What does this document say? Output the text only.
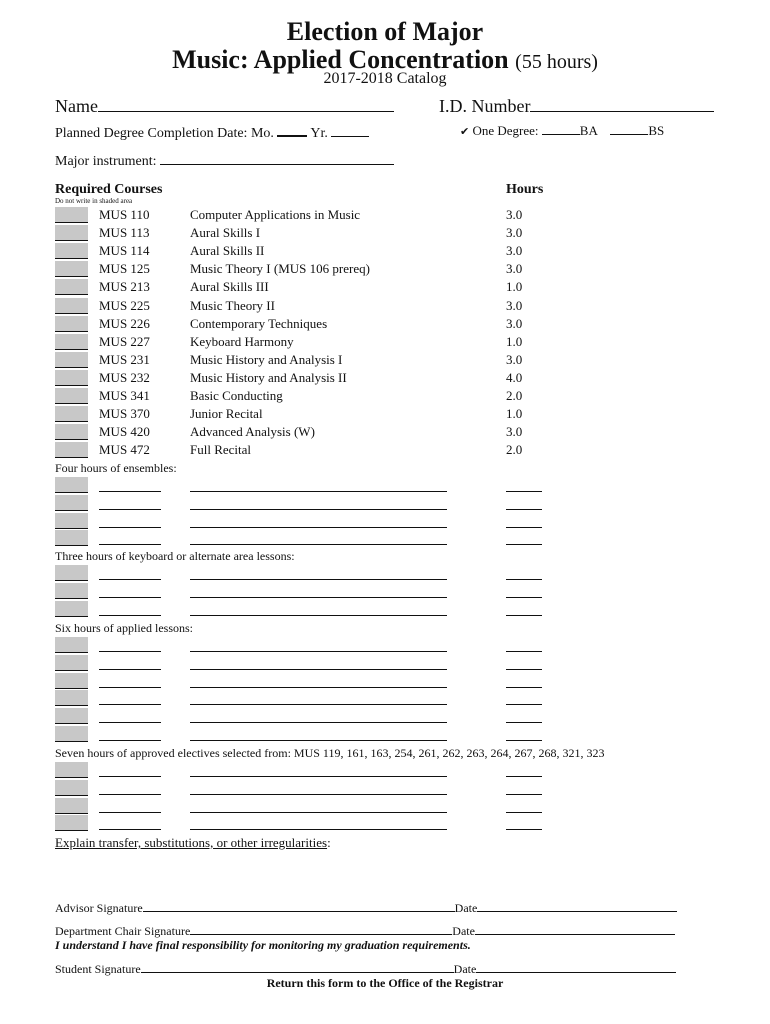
Election of Major
Music: Applied Concentration (55 hours)
2017-2018 Catalog
Name	I.D. Number
Planned Degree Completion Date: Mo.	Yr.	✔ One Degree:	BA	BS
Major instrument:
Required Courses
Do not write in shaded area
Hours
MUS 110	Computer Applications in Music	3.0
MUS 113	Aural Skills I	3.0
MUS 114	Aural Skills II	3.0
MUS 125	Music Theory I (MUS 106 prereq)	3.0
MUS 213	Aural Skills III	1.0
MUS 225	Music Theory II	3.0
MUS 226	Contemporary Techniques	3.0
MUS 227	Keyboard Harmony	1.0
MUS 231	Music History and Analysis I	3.0
MUS 232	Music History and Analysis II	4.0
MUS 341	Basic Conducting	2.0
MUS 370	Junior Recital	1.0
MUS 420	Advanced Analysis (W)	3.0
MUS 472	Full Recital	2.0
Four hours of ensembles:
Three hours of keyboard or alternate area lessons:
Six hours of applied lessons:
Seven hours of approved electives selected from: MUS 119, 161, 163, 254, 261, 262, 263, 264, 267, 268, 321, 323
Explain transfer, substitutions, or other irregularities:
Advisor Signature	Date
Department Chair Signature	Date
I understand I have final responsibility for monitoring my graduation requirements.
Student Signature	Date
Return this form to the Office of the Registrar
